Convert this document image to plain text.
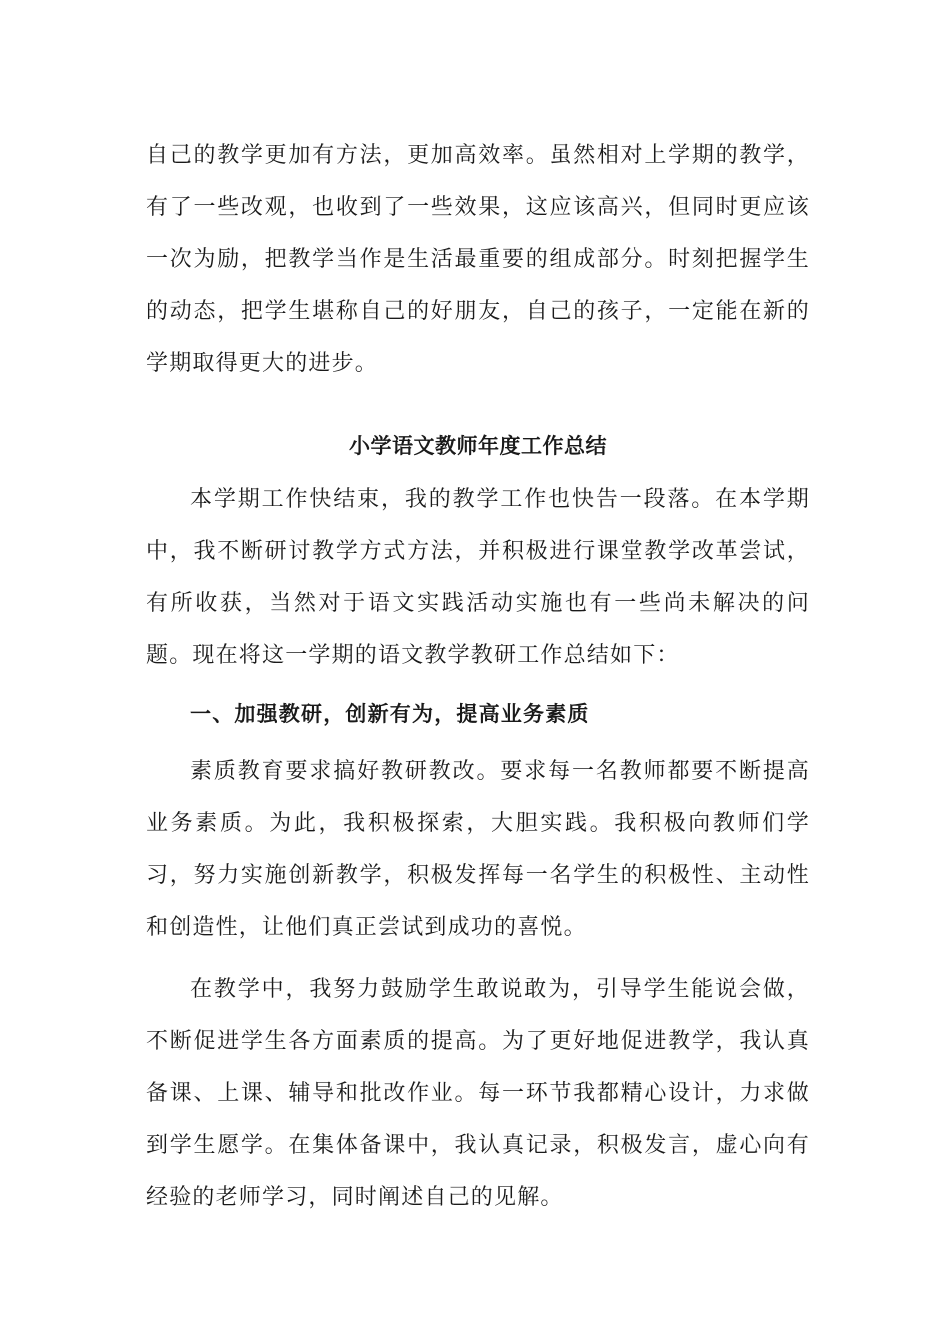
自己的教学更加有方法，更加高效率。虽然相对上学期的教学，有了一些改观，也收到了一些效果，这应该高兴，但同时更应该一次为励，把教学当作是生活最重要的组成部分。时刻把握学生的动态，把学生堪称自己的好朋友，自己的孩子，一定能在新的学期取得更大的进步。

小学语文教师年度工作总结

本学期工作快结束，我的教学工作也快告一段落。在本学期中，我不断研讨教学方式方法，并积极进行课堂教学改革尝试，有所收获，当然对于语文实践活动实施也有一些尚未解决的问题。现在将这一学期的语文教学教研工作总结如下：

一、加强教研，创新有为，提高业务素质

素质教育要求搞好教研教改。要求每一名教师都要不断提高业务素质。为此，我积极探索，大胆实践。我积极向教师们学习，努力实施创新教学，积极发挥每一名学生的积极性、主动性和创造性，让他们真正尝试到成功的喜悦。

在教学中，我努力鼓励学生敢说敢为，引导学生能说会做，不断促进学生各方面素质的提高。为了更好地促进教学，我认真备课、上课、辅导和批改作业。每一环节我都精心设计，力求做到学生愿学。在集体备课中，我认真记录，积极发言，虚心向有经验的老师学习，同时阐述自己的见解。
